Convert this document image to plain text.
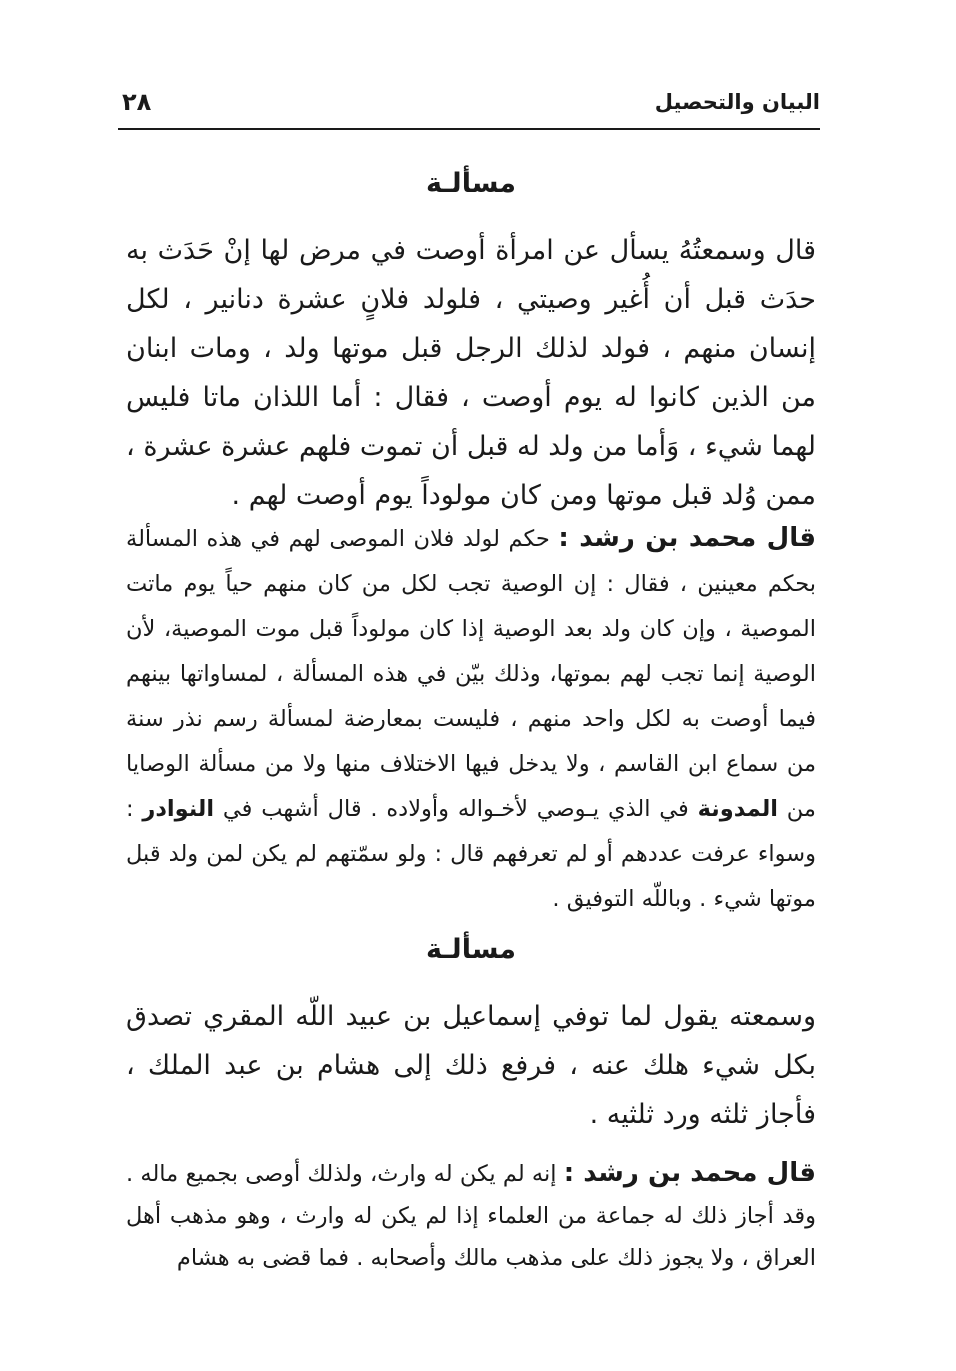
البيان والتحصيل
٢٨
مسألـة

قال وسمعتُهُ يسأل عن امرأة أوصت في مرض لها إنْ حَدَث به حدَث قبل أن أُغير وصيتي ، فلولد فلانٍ عشرة دنانير ، لكل إنسان منهم ، فولد لذلك الرجل قبل موتها ولد ، ومات ابنان من الذين كانوا له يوم أوصت ، فقال : أما اللذان ماتا فليس لهما شيء ، وَأما من ولد له قبل أن تموت فلهم عشرة عشرة ، ممن وُلد قبل موتها ومن كان مولوداً يوم أوصت لهم .

قال محمد بن رشد : حكم لولد فلان الموصى لهم في هذه المسألة بحكم معينين ، فقال : إن الوصية تجب لكل من كان منهم حياً يوم ماتت الموصية ، وإن كان ولد بعد الوصية إذا كان مولوداً قبل موت الموصية، لأن الوصية إنما تجب لهم بموتها، وذلك بيّن في هذه المسألة ، لمساواتها بينهم فيما أوصت به لكل واحد منهم ، فليست بمعارضة لمسألة رسم نذر سنة من سماع ابن القاسم ، ولا يدخل فيها الاختلاف منها ولا من مسألة الوصايا من المدونة في الذي يـوصي لأخـواله وأولاده . قال أشهب في النوادر : وسواء عرفت عددهم أو لم تعرفهم قال : ولو سمّتهم لم يكن لمن ولد قبل موتها شيء . وباللّه التوفيق .

مسألـة

وسمعته يقول لما توفي إسماعيل بن عبيد اللّه المقري تصدق بكل شيء هلك عنه ، فرفع ذلك إلى هشام بن عبد الملك ، فأجاز ثلثه ورد ثلثيه .

قال محمد بن رشد : إنه لم يكن له وارث، ولذلك أوصى بجميع ماله . وقد أجاز ذلك له جماعة من العلماء إذا لم يكن له وارث ، وهو مذهب أهل العراق ، ولا يجوز ذلك على مذهب مالك وأصحابه . فما قضى به هشام
